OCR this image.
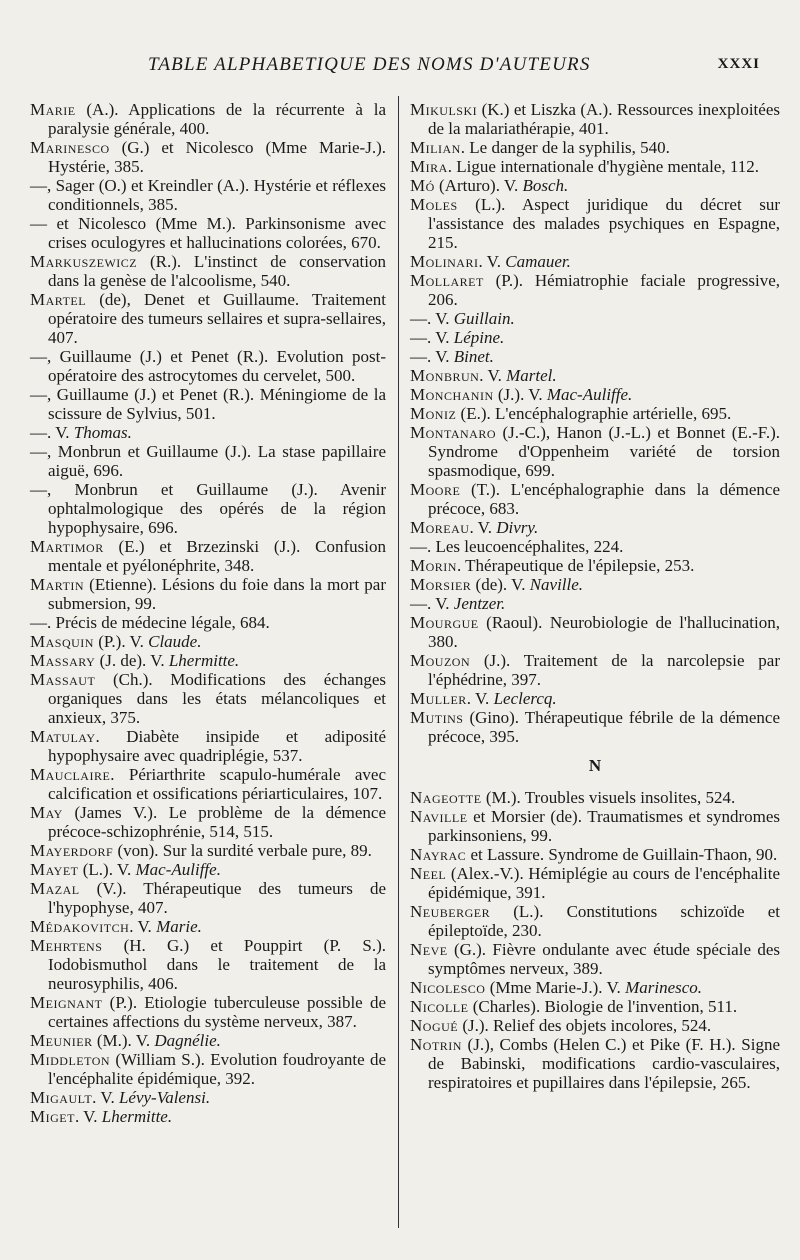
TABLE ALPHABETIQUE DES NOMS D'AUTEURS	XXXI

Marie (A.). Applications de la récurrente à la paralysie générale, 400.

Marinesco (G.) et Nicolesco (Mme Marie-J.). Hystérie, 385.

—, Sager (O.) et Kreindler (A.). Hystérie et réflexes conditionnels, 385.

— et Nicolesco (Mme M.). Parkinsonisme avec crises oculogyres et hallucinations colorées, 670.

Markuszewicz (R.). L'instinct de conservation dans la genèse de l'alcoolisme, 540.

Martel (de), Denet et Guillaume. Traitement opératoire des tumeurs sellaires et supra-sellaires, 407.

—, Guillaume (J.) et Penet (R.). Evolution post-opératoire des astrocytomes du cervelet, 500.

—, Guillaume (J.) et Penet (R.). Méningiome de la scissure de Sylvius, 501.

—. V. Thomas.

—, Monbrun et Guillaume (J.). La stase papillaire aiguë, 696.

—, Monbrun et Guillaume (J.). Avenir ophtalmologique des opérés de la région hypophysaire, 696.

Martimor (E.) et Brzezinski (J.). Confusion mentale et pyélonéphrite, 348.

Martin (Etienne). Lésions du foie dans la mort par submersion, 99.

—. Précis de médecine légale, 684.

Masquin (P.). V. Claude.

Massary (J. de). V. Lhermitte.

Massaut (Ch.). Modifications des échanges organiques dans les états mélancoliques et anxieux, 375.

Matulay. Diabète insipide et adiposité hypophysaire avec quadriplégie, 537.

Mauclaire. Périarthrite scapulo-humérale avec calcification et ossifications périarticulaires, 107.

May (James V.). Le problème de la démence précoce-schizophrénie, 514, 515.

Mayerdorf (von). Sur la surdité verbale pure, 89.

Mayet (L.). V. Mac-Auliffe.

Mazal (V.). Thérapeutique des tumeurs de l'hypophyse, 407.

Médakovitch. V. Marie.

Mehrtens (H. G.) et Pouppirt (P. S.). Iodobismuthol dans le traitement de la neurosyphilis, 406.

Meignant (P.). Etiologie tuberculeuse possible de certaines affections du système nerveux, 387.

Meunier (M.). V. Dagnélie.

Middleton (William S.). Evolution foudroyante de l'encéphalite épidémique, 392.

Migault. V. Lévy-Valensi.

Miget. V. Lhermitte.

Mikulski (K.) et Liszka (A.). Ressources inexploitées de la malariathérapie, 401.

Milian. Le danger de la syphilis, 540.

Mira. Ligue internationale d'hygiène mentale, 112.

Mó (Arturo). V. Bosch.

Moles (L.). Aspect juridique du décret sur l'assistance des malades psychiques en Espagne, 215.

Molinari. V. Camauer.

Mollaret (P.). Hémiatrophie faciale progressive, 206.

—. V. Guillain.

—. V. Lépine.

—. V. Binet.

Monbrun. V. Martel.

Monchanin (J.). V. Mac-Auliffe.

Moniz (E.). L'encéphalographie artérielle, 695.

Montanaro (J.-C.), Hanon (J.-L.) et Bonnet (E.-F.). Syndrome d'Oppenheim variété de torsion spasmodique, 699.

Moore (T.). L'encéphalographie dans la démence précoce, 683.

Moreau. V. Divry.

—. Les leucoencéphalites, 224.

Morin. Thérapeutique de l'épilepsie, 253.

Morsier (de). V. Naville.

—. V. Jentzer.

Mourgue (Raoul). Neurobiologie de l'hallucination, 380.

Mouzon (J.). Traitement de la narcolepsie par l'éphédrine, 397.

Muller. V. Leclercq.

Mutins (Gino). Thérapeutique fébrile de la démence précoce, 395.

N

Nageotte (M.). Troubles visuels insolites, 524.

Naville et Morsier (de). Traumatismes et syndromes parkinsoniens, 99.

Nayrac et Lassure. Syndrome de Guillain-Thaon, 90.

Neel (Alex.-V.). Hémiplégie au cours de l'encéphalite épidémique, 391.

Neuberger (L.). Constitutions schizoïde et épileptoïde, 230.

Neve (G.). Fièvre ondulante avec étude spéciale des symptômes nerveux, 389.

Nicolesco (Mme Marie-J.). V. Marinesco.

Nicolle (Charles). Biologie de l'invention, 511.

Nogué (J.). Relief des objets incolores, 524.

Notrin (J.), Combs (Helen C.) et Pike (F. H.). Signe de Babinski, modifications cardio-vasculaires, respiratoires et pupillaires dans l'épilepsie, 265.
